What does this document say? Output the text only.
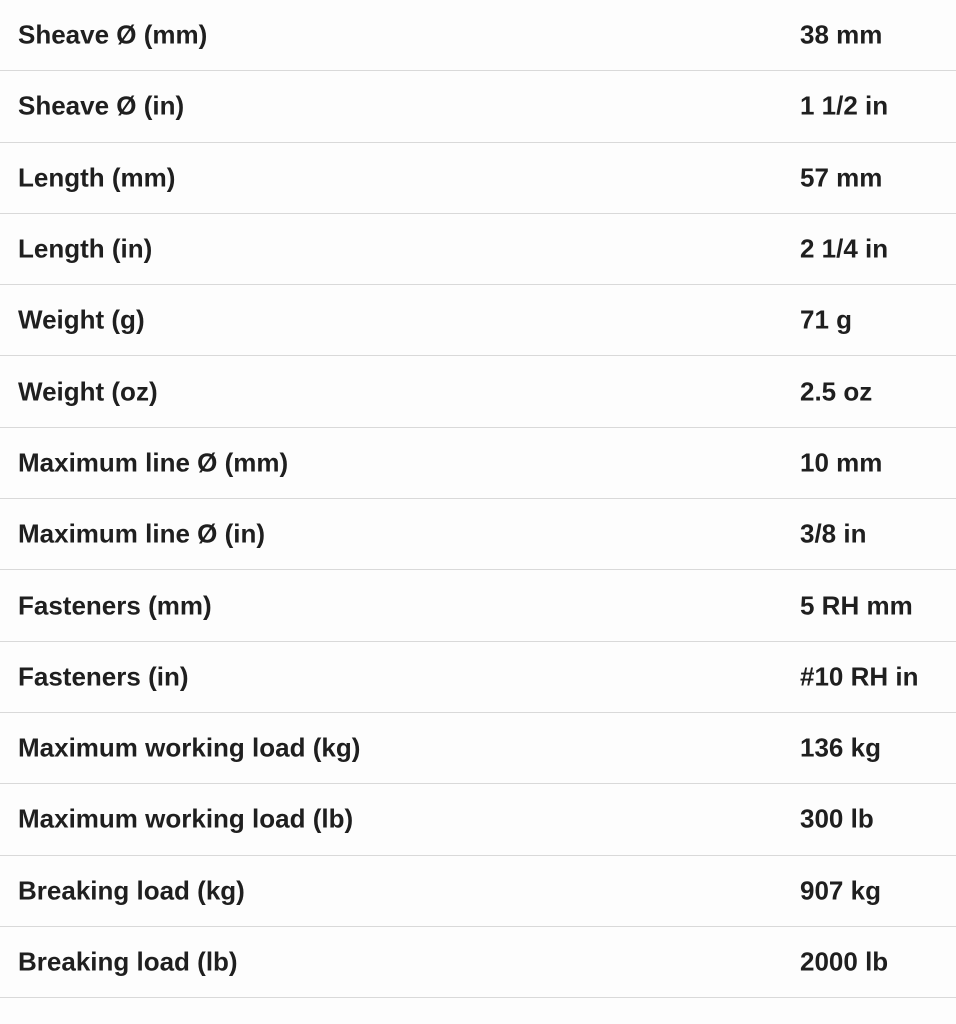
Sheave Ø (mm)	38 mm
Sheave Ø (in)	1 1/2 in
Length (mm)	57 mm
Length (in)	2 1/4 in
Weight (g)	71 g
Weight (oz)	2.5 oz
Maximum line Ø (mm)	10 mm
Maximum line Ø (in)	3/8 in
Fasteners (mm)	5 RH mm
Fasteners (in)	#10 RH in
Maximum working load (kg)	136 kg
Maximum working load (lb)	300 lb
Breaking load (kg)	907 kg
Breaking load (lb)	2000 lb
